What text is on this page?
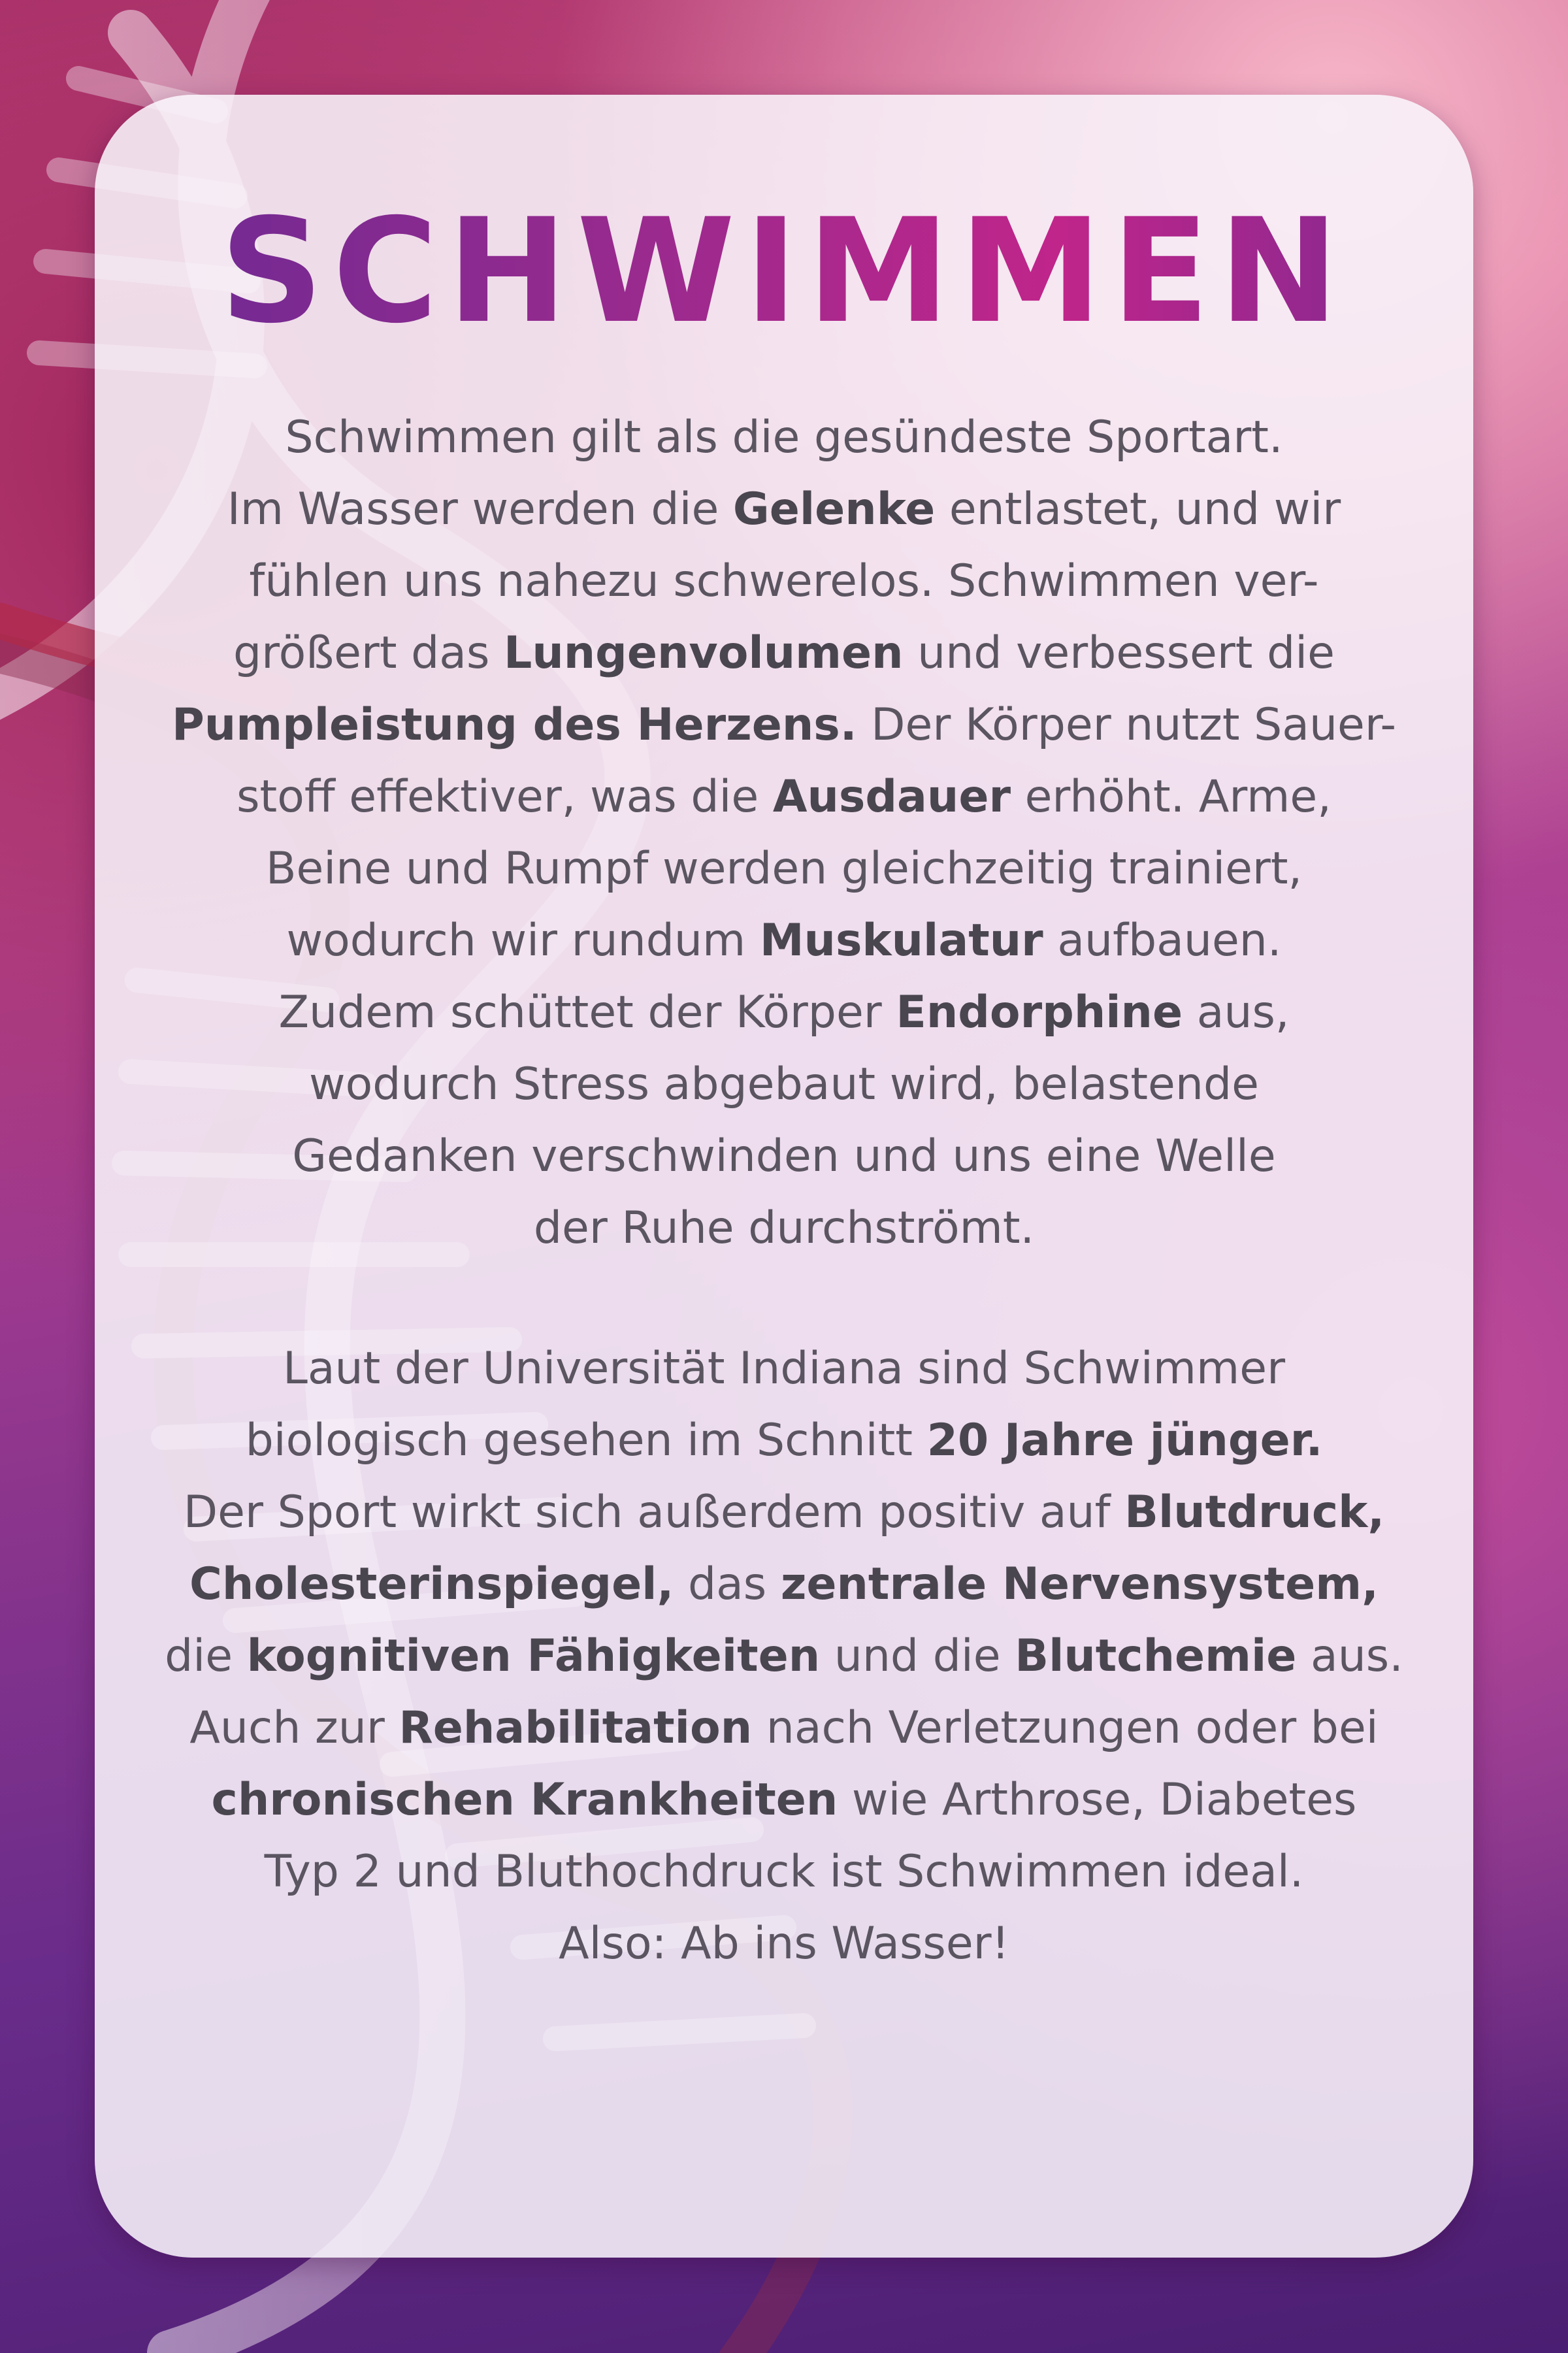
SCHWIMMEN
Schwimmen gilt als die gesündeste Sportart.
Im Wasser werden die Gelenke entlastet, und wir
fühlen uns nahezu schwerelos. Schwimmen ver-
größert das Lungenvolumen und verbessert die
Pumpleistung des Herzens. Der Körper nutzt Sauer-
stoff effektiver, was die Ausdauer erhöht. Arme,
Beine und Rumpf werden gleichzeitig trainiert,
wodurch wir rundum Muskulatur aufbauen.
Zudem schüttet der Körper Endorphine aus,
wodurch Stress abgebaut wird, belastende
Gedanken verschwinden und uns eine Welle
der Ruhe durchströmt.
Laut der Universität Indiana sind Schwimmer
biologisch gesehen im Schnitt 20 Jahre jünger.
Der Sport wirkt sich außerdem positiv auf Blutdruck,
Cholesterinspiegel, das zentrale Nervensystem,
die kognitiven Fähigkeiten und die Blutchemie aus.
Auch zur Rehabilitation nach Verletzungen oder bei
chronischen Krankheiten wie Arthrose, Diabetes
Typ 2 und Bluthochdruck ist Schwimmen ideal.
Also: Ab ins Wasser!
